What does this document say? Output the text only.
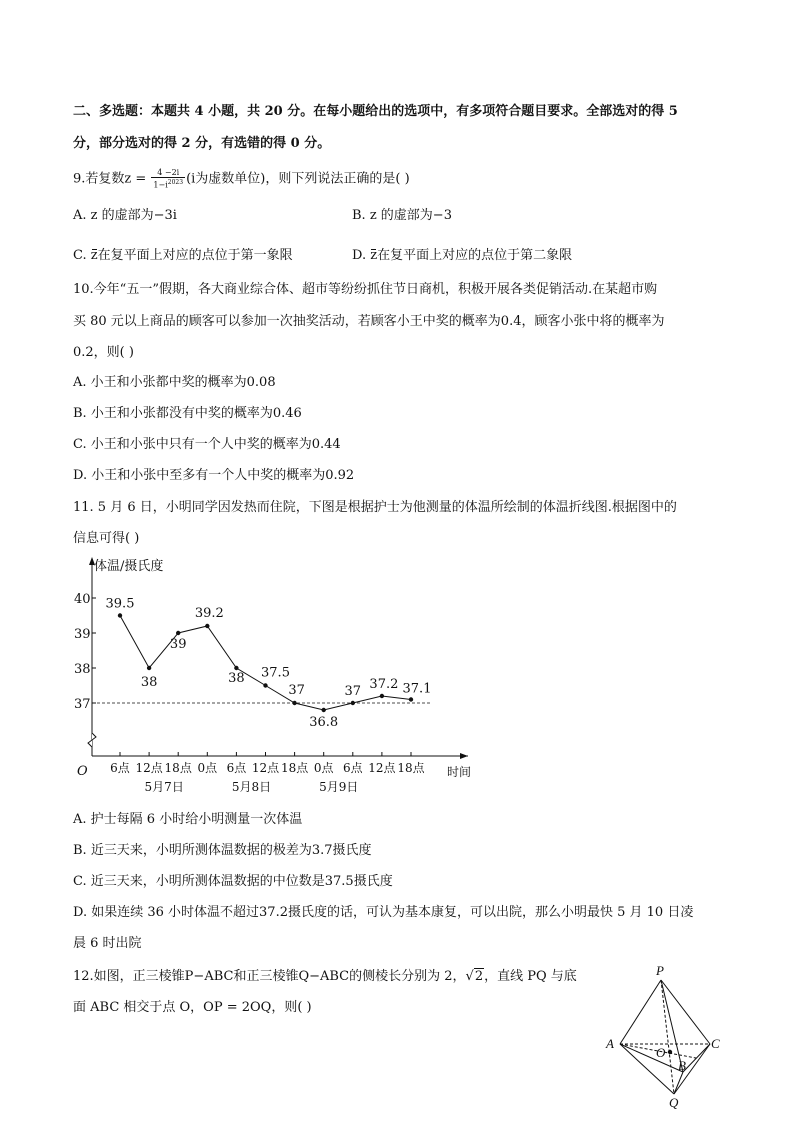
二、多选题：本题共 4 小题，共 20 分。在每小题给出的选项中，有多项符合题目要求。全部选对的得 5
分，部分选对的得 2 分，有选错的得 0 分。
9.若复数$z = \frac{4 -2i}{1-i^{2023}} (i$为虚数单位)，则下列说法正确的是( )
A. z 的虚部为−3i	B. z 的虚部为−3
C. z在复平面上对应的点位于第一象限	D. z在复平面上对应的点位于第二象限
10.今年“五一”假期，各大商业综合体、超市等纷纷抓住节日商机，积极开展各类促销活动.在某超市购
买 80 元以上商品的顾客可以参加一次抽奖活动，若顾客小王中奖的概率为0.4，顾客小张中将的概率为
0.2，则( )
A. 小王和小张都中奖的概率为0.08
B. 小王和小张都没有中奖的概率为0.46
C. 小王和小张中只有一个人中奖的概率为0.44
D. 小王和小张中至多有一个人中奖的概率为0.92
11. 5 月 6 日，小明同学因发热而住院，下图是根据护士为他测量的体温所绘制的体温折线图.根据图中的
信息可得( )
体温/摄氏度
时间
O
37
38
39
40
6点 12点 18点 0点 6点 12点 18点 0点 6点 12点 18点
5月7日	5月8日	5月9日
39.5
38
39
39.2
38 37.5
37
36.8
37 37.2 37.1
A. 护士每隔 6 小时给小明测量一次体温
B. 近三天来，小明所测体温数据的极差为3.7摄氏度
C. 近三天来，小明所测体温数据的中位数是37.5摄氏度
D. 如果连续 36 小时体温不超过37.2摄氏度的话，可认为基本康复，可以出院，那么小明最快 5 月 10 日凌
晨 6 时出院
12.如图，正三棱锥P−ABC和正三棱锥Q−ABC的侧棱长分别为 2，√2，直线 PQ 与底
面 ABC 相交于点 O，OP = 2OQ，则( )
P
A
O
C
B
Q
